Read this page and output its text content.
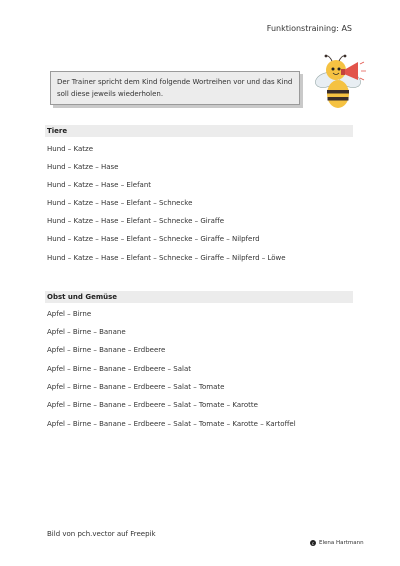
Funktionstraining: AS
Der Trainer spricht dem Kind folgende Wortreihen vor und das Kind soll diese jeweils wiederholen.
Tiere
Hund – Katze
Hund – Katze – Hase
Hund – Katze – Hase – Elefant
Hund – Katze – Hase – Elefant – Schnecke
Hund – Katze – Hase – Elefant – Schnecke – Giraffe
Hund – Katze – Hase – Elefant – Schnecke – Giraffe – Nilpferd
Hund – Katze – Hase – Elefant – Schnecke – Giraffe – Nilpferd – Löwe
Obst und Gemüse
Apfel – Birne
Apfel – Birne – Banane
Apfel – Birne – Banane – Erdbeere
Apfel – Birne – Banane – Erdbeere – Salat
Apfel – Birne – Banane – Erdbeere – Salat – Tomate
Apfel – Birne – Banane – Erdbeere – Salat – Tomate – Karotte
Apfel – Birne – Banane – Erdbeere – Salat – Tomate – Karotte – Kartoffel
Bild von pch.vector auf Freepik
c Elena Hartmann
